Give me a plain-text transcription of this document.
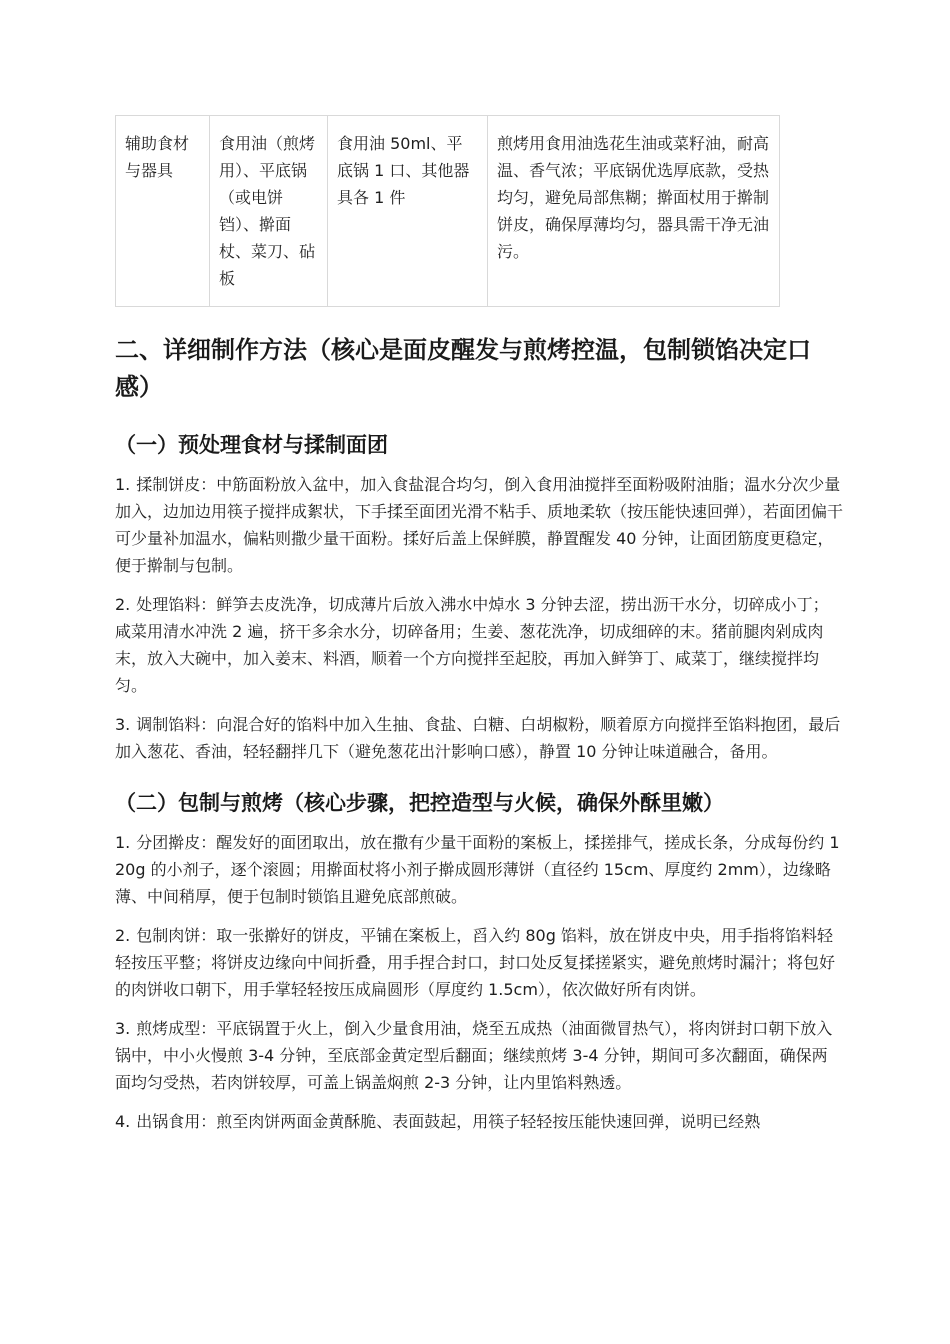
辅助食材与器具	食用油（煎烤用）、平底锅（或电饼铛）、擀面杖、菜刀、砧板	食用油 50ml、平底锅 1 口、其他器具各 1 件	煎烤用食用油选花生油或菜籽油，耐高温、香气浓；平底锅优选厚底款，受热均匀，避免局部焦糊；擀面杖用于擀制饼皮，确保厚薄均匀，器具需干净无油污。
二、详细制作方法（核心是面皮醒发与煎烤控温，包制锁馅决定口感）
（一）预处理食材与揉制面团

1. 揉制饼皮：中筋面粉放入盆中，加入食盐混合均匀，倒入食用油搅拌至面粉吸附油脂；温水分次少量加入，边加边用筷子搅拌成絮状，下手揉至面团光滑不粘手、质地柔软（按压能快速回弹），若面团偏干可少量补加温水，偏粘则撒少量干面粉。揉好后盖上保鲜膜，静置醒发 40 分钟，让面团筋度更稳定，便于擀制与包制。

2. 处理馅料：鲜笋去皮洗净，切成薄片后放入沸水中焯水 3 分钟去涩，捞出沥干水分，切碎成小丁；咸菜用清水冲洗 2 遍，挤干多余水分，切碎备用；生姜、葱花洗净，切成细碎的末。猪前腿肉剁成肉末，放入大碗中，加入姜末、料酒，顺着一个方向搅拌至起胶，再加入鲜笋丁、咸菜丁，继续搅拌均匀。

3. 调制馅料：向混合好的馅料中加入生抽、食盐、白糖、白胡椒粉，顺着原方向搅拌至馅料抱团，最后加入葱花、香油，轻轻翻拌几下（避免葱花出汁影响口感），静置 10 分钟让味道融合，备用。

（二）包制与煎烤（核心步骤，把控造型与火候，确保外酥里嫩）

1. 分团擀皮：醒发好的面团取出，放在撒有少量干面粉的案板上，揉搓排气，搓成长条，分成每份约 120g 的小剂子，逐个滚圆；用擀面杖将小剂子擀成圆形薄饼（直径约 15cm、厚度约 2mm），边缘略薄、中间稍厚，便于包制时锁馅且避免底部煎破。

2. 包制肉饼：取一张擀好的饼皮，平铺在案板上，舀入约 80g 馅料，放在饼皮中央，用手指将馅料轻轻按压平整；将饼皮边缘向中间折叠，用手捏合封口，封口处反复揉搓紧实，避免煎烤时漏汁；将包好的肉饼收口朝下，用手掌轻轻按压成扁圆形（厚度约 1.5cm），依次做好所有肉饼。

3. 煎烤成型：平底锅置于火上，倒入少量食用油，烧至五成热（油面微冒热气），将肉饼封口朝下放入锅中，中小火慢煎 3-4 分钟，至底部金黄定型后翻面；继续煎烤 3-4 分钟，期间可多次翻面，确保两面均匀受热，若肉饼较厚，可盖上锅盖焖煎 2-3 分钟，让内里馅料熟透。

4. 出锅食用：煎至肉饼两面金黄酥脆、表面鼓起，用筷子轻轻按压能快速回弹，说明已经熟
